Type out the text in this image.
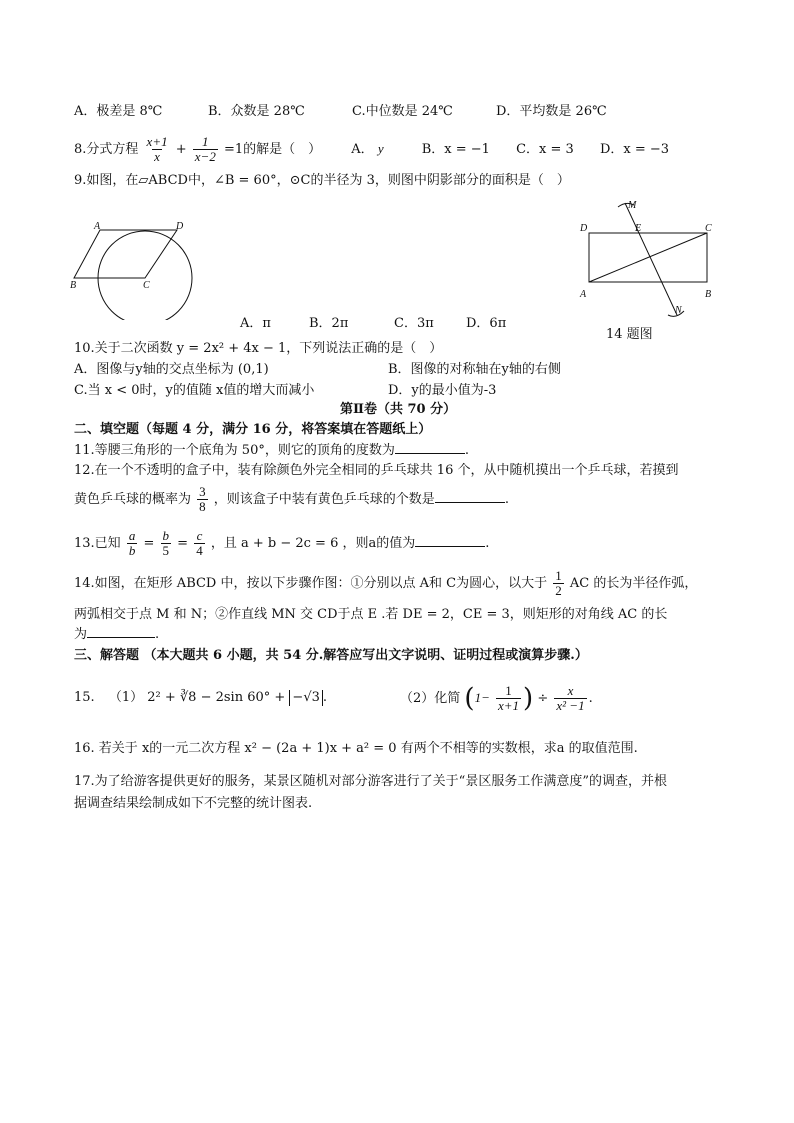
A．极差是 8℃	B．众数是 28℃	C.中位数是 24℃	D．平均数是 26℃
8.分式方程 $\frac{x+1}{x} + \frac{1}{x-2} =1$的解是（　） A． y	B．x = −1 C．x = 3 D．x = −3
9.如图，在▱ABCD中，∠B = 60°，⊙C的半径为 3，则图中阴影部分的面积是（　）
A	D
B	C
D	E	C
A	B
M
N
A．π	B．2π	C．3π D．6π
14 题图
10.关于二次函数 y = 2x² + 4x − 1，下列说法正确的是（　）
A．图像与y轴的交点坐标为 (0,1)	B．图像的对称轴在y轴的右侧
C.当 x < 0时，y的值随 x值的增大而减小	D．y的最小值为-3
第Ⅱ卷（共 70 分）
二、填空题（每题 4 分，满分 16 分，将答案填在答题纸上）
11.等腰三角形的一个底角为 50°，则它的顶角的度数为	.
12.在一个不透明的盒子中，装有除颜色外完全相同的乒乓球共 16 个，从中随机摸出一个乒乓球，若摸到
黄色乒乓球的概率为 $\frac{3}{8}$ ，则该盒子中装有黄色乒乓球的个数是	.
13.已知 $\frac{a}{b} = \frac{b}{5} = \frac{c}{4}$ ，且 a + b − 2c = 6 ，则a的值为	.
14.如图，在矩形 ABCD 中，按以下步骤作图：①分别以点 A和 C为圆心，以大于 $\frac{1}{2}$ AC 的长为半径作弧，
两弧相交于点 M 和 N；②作直线 MN 交 CD于点 E .若 DE = 2，CE = 3，则矩形的对角线 AC 的长
为	.
三、解答题 （本大题共 6 小题，共 54 分.解答应写出文字说明、证明过程或演算步骤.）
15. （1） 2² + ∛8 − 2sin 60° + −√3 .	（2）化简 ($1- \frac{1}{x+1}$ ) ÷ $\frac{x}{\text{x² −1}}$ .
16. 若关于 x的一元二次方程 x² − (2a + 1)x + a² = 0 有两个不相等的实数根，求a 的取值范围.
17.为了给游客提供更好的服务，某景区随机对部分游客进行了关于“景区服务工作满意度”的调查，并根
据调查结果绘制成如下不完整的统计图表.
